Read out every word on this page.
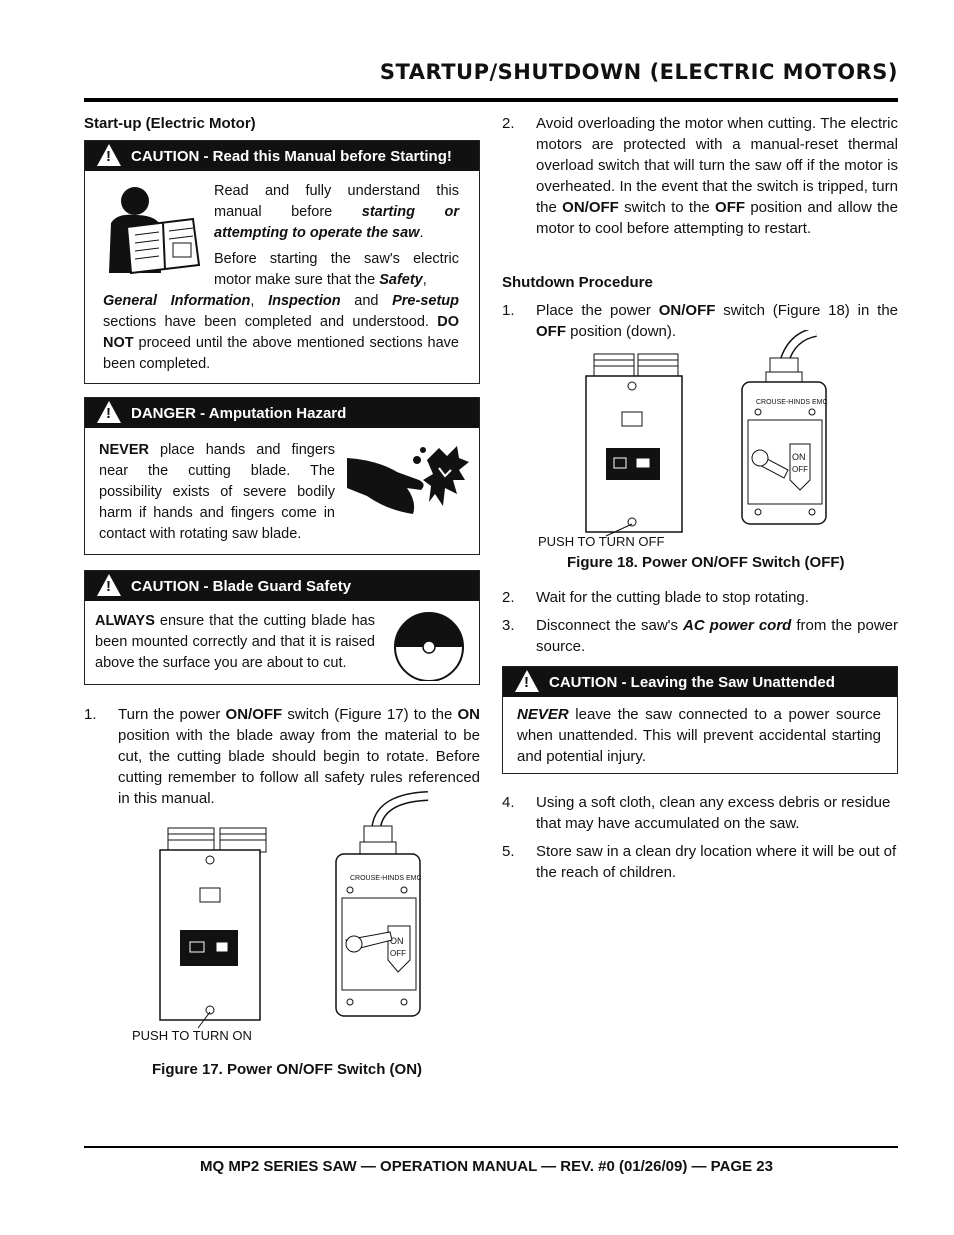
STARTUP/SHUTDOWN (ELECTRIC MOTORS)
Start-up (Electric Motor)
!
CAUTION - Read this Manual before Starting!
Read and fully understand this manual before starting or attempting to operate the saw.
Before starting the saw's electric motor make sure that the Safety,
General Information, Inspection and Pre-setup sections have been completed and understood. DO NOT proceed until the above mentioned sections have been completed.
!
DANGER - Amputation Hazard
NEVER place hands and fingers near the cutting blade. The possibility exists of severe bodily harm if hands and fingers come in contact with rotating saw blade.
!
CAUTION - Blade Guard Safety
ALWAYS ensure that the cutting blade has been mounted correctly and that it is raised above the surface you are about to cut.
1.	Turn the power ON/OFF switch (Figure 17) to the ON position with the blade away from the material to be cut, the cutting blade should begin to rotate. Before cutting remember to follow all safety rules referenced in this manual.
PUSH TO TURN ON
CROUSE-HINDS EMC
ON
OFF
Figure 17. Power ON/OFF Switch (ON)
2.	Avoid overloading the motor when cutting. The electric motors are protected with a manual-reset thermal overload switch that will turn the saw off if the motor is overheated. In the event that the switch is tripped, turn the ON/OFF switch to the OFF position and allow the motor to cool before attempting to restart.
Shutdown Procedure
1.	Place the power ON/OFF switch (Figure 18) in the OFF position (down).
PUSH TO TURN OFF
CROUSE-HINDS EMC
ON
OFF
Figure 18. Power ON/OFF Switch (OFF)
2.	Wait for the cutting blade to stop rotating.
3.	Disconnect the saw's AC power cord from the power source.
!
CAUTION - Leaving the Saw Unattended
NEVER leave the saw connected to a power source when unattended. This will prevent accidental starting and potential injury.
4.	Using a soft cloth, clean any excess debris or residue that may have accumulated on the saw.
5.	Store saw in a clean dry location where it will be out of the reach of children.
MQ MP2 SERIES SAW — OPERATION MANUAL — REV. #0 (01/26/09) — PAGE 23
